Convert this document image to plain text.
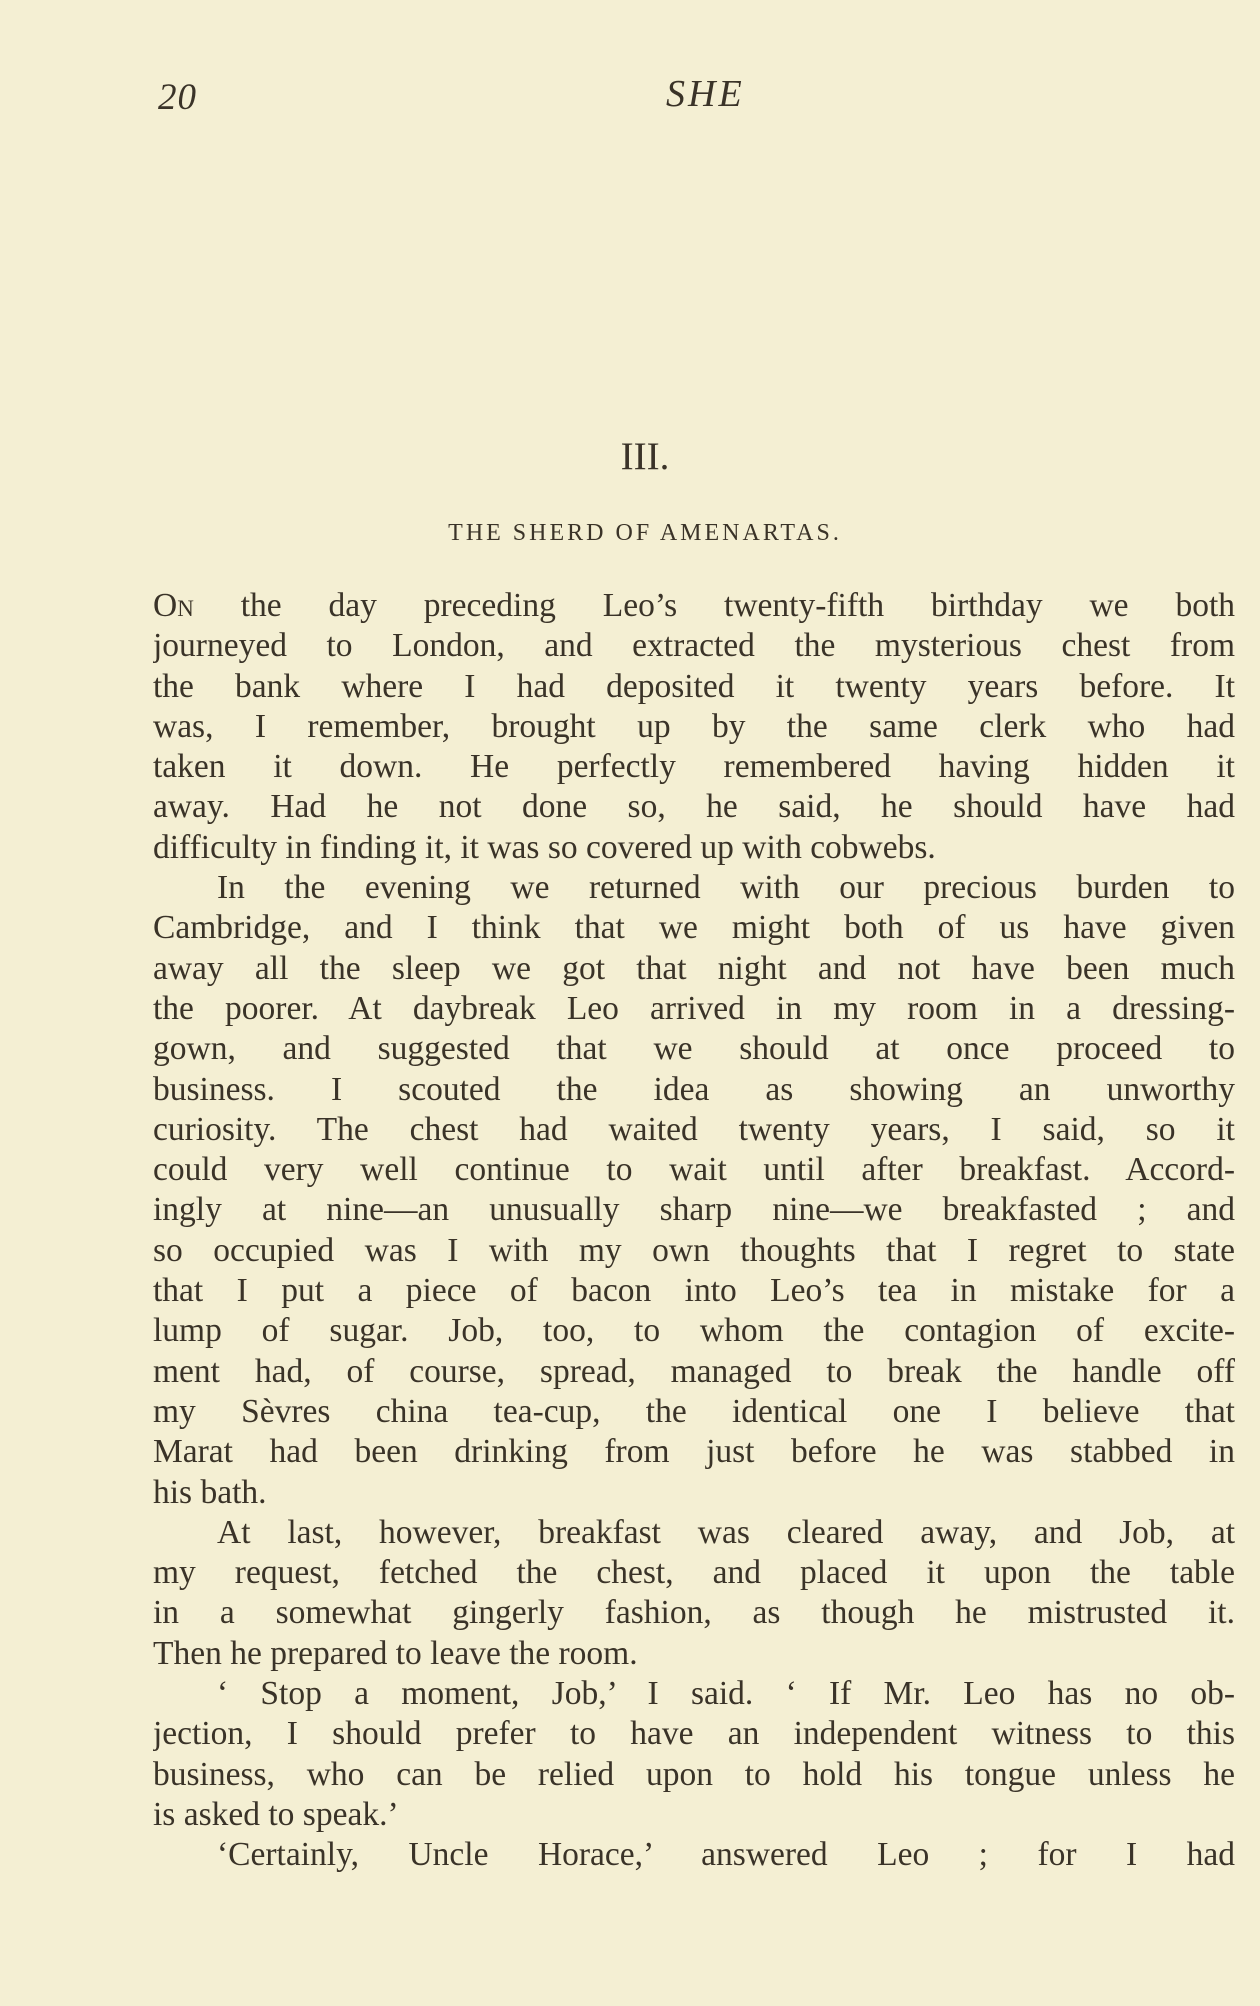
20	SHE
III.
THE SHERD OF AMENARTAS.
On the day preceding Leo’s twenty-fifth birthday we both
journeyed to London, and extracted the mysterious chest from
the bank where I had deposited it twenty years before. It
was, I remember, brought up by the same clerk who had
taken it down. He perfectly remembered having hidden it
away. Had he not done so, he said, he should have had
difficulty in finding it, it was so covered up with cobwebs.
In the evening we returned with our precious burden to
Cambridge, and I think that we might both of us have given
away all the sleep we got that night and not have been much
the poorer. At daybreak Leo arrived in my room in a dressing-
gown, and suggested that we should at once proceed to
business. I scouted the idea as showing an unworthy
curiosity. The chest had waited twenty years, I said, so it
could very well continue to wait until after breakfast. Accord-
ingly at nine—an unusually sharp nine—we breakfasted ; and
so occupied was I with my own thoughts that I regret to state
that I put a piece of bacon into Leo’s tea in mistake for a
lump of sugar. Job, too, to whom the contagion of excite-
ment had, of course, spread, managed to break the handle off
my Sèvres china tea-cup, the identical one I believe that
Marat had been drinking from just before he was stabbed in
his bath.
At last, however, breakfast was cleared away, and Job, at
my request, fetched the chest, and placed it upon the table
in a somewhat gingerly fashion, as though he mistrusted it.
Then he prepared to leave the room.
‘ Stop a moment, Job,’ I said. ‘ If Mr. Leo has no ob-
jection, I should prefer to have an independent witness to this
business, who can be relied upon to hold his tongue unless he
is asked to speak.’
‘Certainly, Uncle Horace,’ answered Leo ; for I had
